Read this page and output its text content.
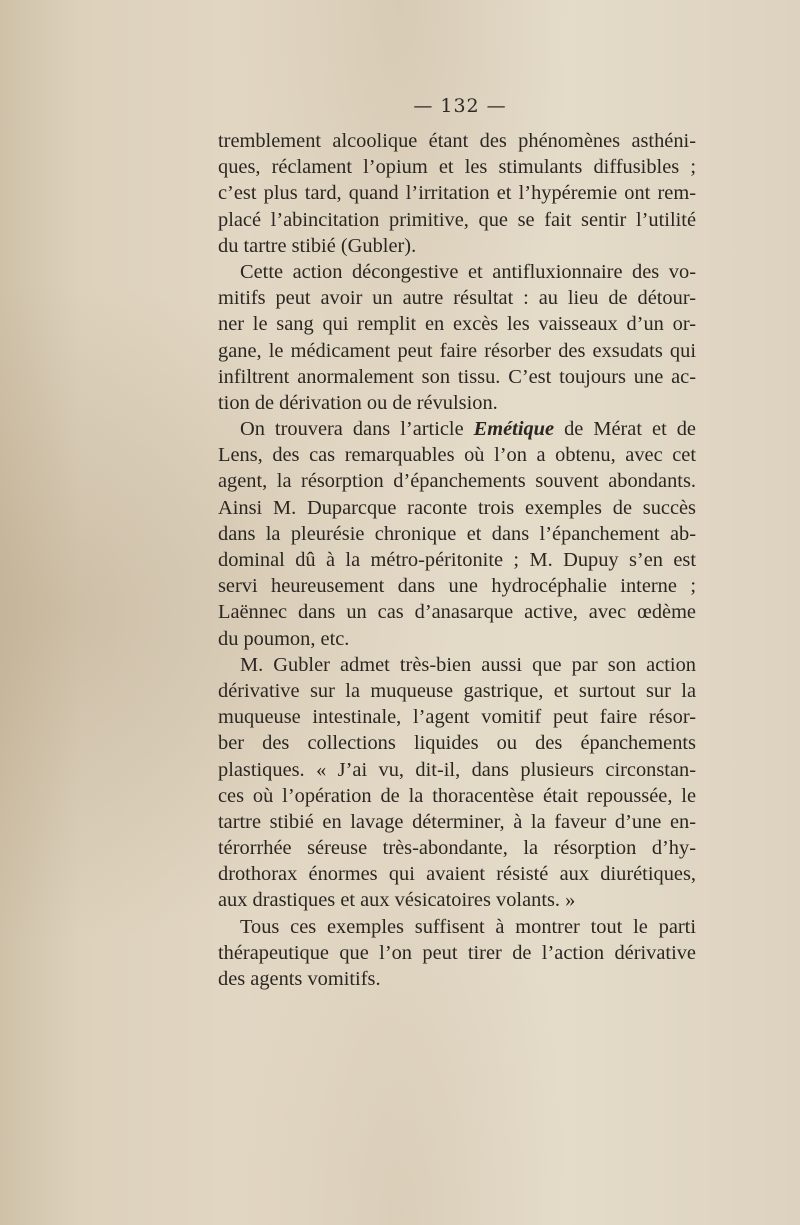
— 132 —
tremblement alcoolique étant des phénomènes asthéni-
ques, réclament l’opium et les stimulants diffusibles ;
c’est plus tard, quand l’irritation et l’hypéremie ont rem-
placé l’abincitation primitive, que se fait sentir l’utilité
du tartre stibié (Gubler).
Cette action décongestive et antifluxionnaire des vo-
mitifs peut avoir un autre résultat : au lieu de détour-
ner le sang qui remplit en excès les vaisseaux d’un or-
gane, le médicament peut faire résorber des exsudats qui
infiltrent anormalement son tissu. C’est toujours une ac-
tion de dérivation ou de révulsion.
On trouvera dans l’article Emétique de Mérat et de
Lens, des cas remarquables où l’on a obtenu, avec cet
agent, la résorption d’épanchements souvent abondants.
Ainsi M. Duparcque raconte trois exemples de succès
dans la pleurésie chronique et dans l’épanchement ab-
dominal dû à la métro-péritonite ; M. Dupuy s’en est
servi heureusement dans une hydrocéphalie interne ;
Laënnec dans un cas d’anasarque active, avec œdème
du poumon, etc.
M. Gubler admet très-bien aussi que par son action
dérivative sur la muqueuse gastrique, et surtout sur la
muqueuse intestinale, l’agent vomitif peut faire résor-
ber des collections liquides ou des épanchements
plastiques. « J’ai vu, dit-il, dans plusieurs circonstan-
ces où l’opération de la thoracentèse était repoussée, le
tartre stibié en lavage déterminer, à la faveur d’une en-
térorrhée séreuse très-abondante, la résorption d’hy-
drothorax énormes qui avaient résisté aux diurétiques,
aux drastiques et aux vésicatoires volants. »
Tous ces exemples suffisent à montrer tout le parti
thérapeutique que l’on peut tirer de l’action dérivative
des agents vomitifs.
